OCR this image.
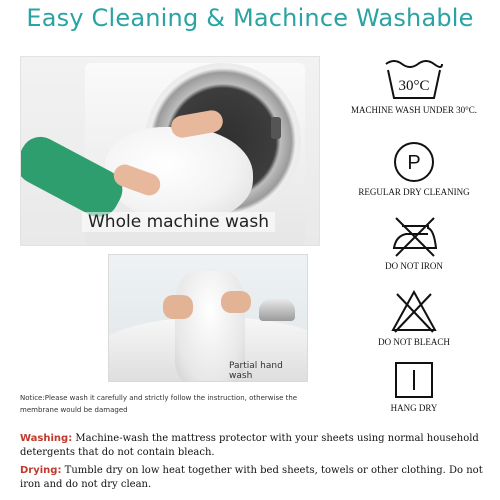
Easy Cleaning & Machince Washable
Whole machine wash
Partial hand wash
Notice:Please wash it carefully and strictly follow the instruction, otherwise the membrane would be damaged
30°C
MACHINE WASH UNDER 30°C.
P
REGULAR DRY CLEANING
DO NOT IRON
DO NOT BLEACH
HANG DRY
Washing: Machine-wash the mattress protector with your sheets using normal household detergents that do not contain bleach.
Drying: Tumble dry on low heat together with bed sheets, towels or other clothing. Do not iron and do not dry clean.
